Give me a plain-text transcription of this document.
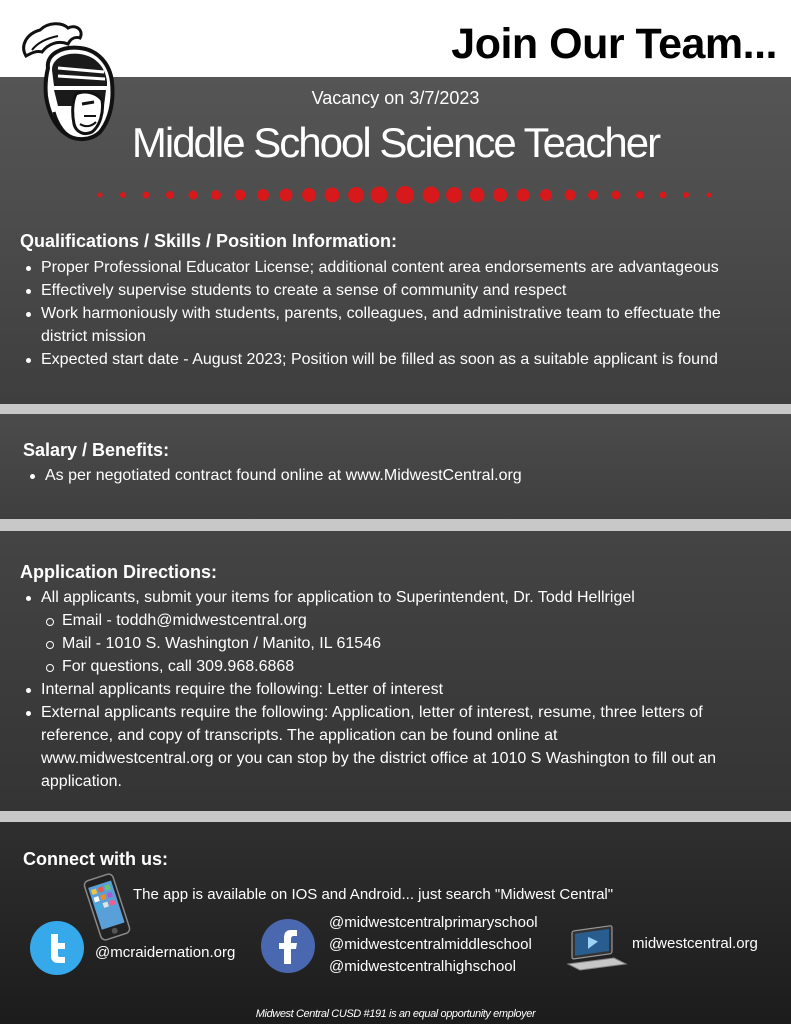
Join Our Team...
Vacancy on 3/7/2023
Middle School Science Teacher
Qualifications / Skills / Position Information:
Proper Professional Educator License; additional content area endorsements are advantageous
Effectively supervise students to create a sense of community and respect
Work harmoniously with students, parents, colleagues, and administrative team to effectuate the district mission
Expected start date - August 2023; Position will be filled as soon as a suitable applicant is found
Salary / Benefits:
As per negotiated contract found online at www.MidwestCentral.org
Application Directions:
All applicants, submit your items for application to Superintendent, Dr. Todd Hellrigel
Email - toddh@midwestcentral.org
Mail - 1010 S. Washington / Manito, IL 61546
For questions, call 309.968.6868
Internal applicants require the following: Letter of interest
External applicants require the following: Application, letter of interest, resume, three letters of reference, and copy of transcripts. The application can be found online at www.midwestcentral.org or you can stop by the district office at 1010 S Washington to fill out an application.
Connect with us:
The app is available on IOS and Android... just search "Midwest Central"
@mcraidernation.org
@midwestcentralprimaryschool
@midwestcentralmiddleschool
@midwestcentralhighschool
midwestcentral.org
Midwest Central CUSD #191 is an equal opportunity employer
